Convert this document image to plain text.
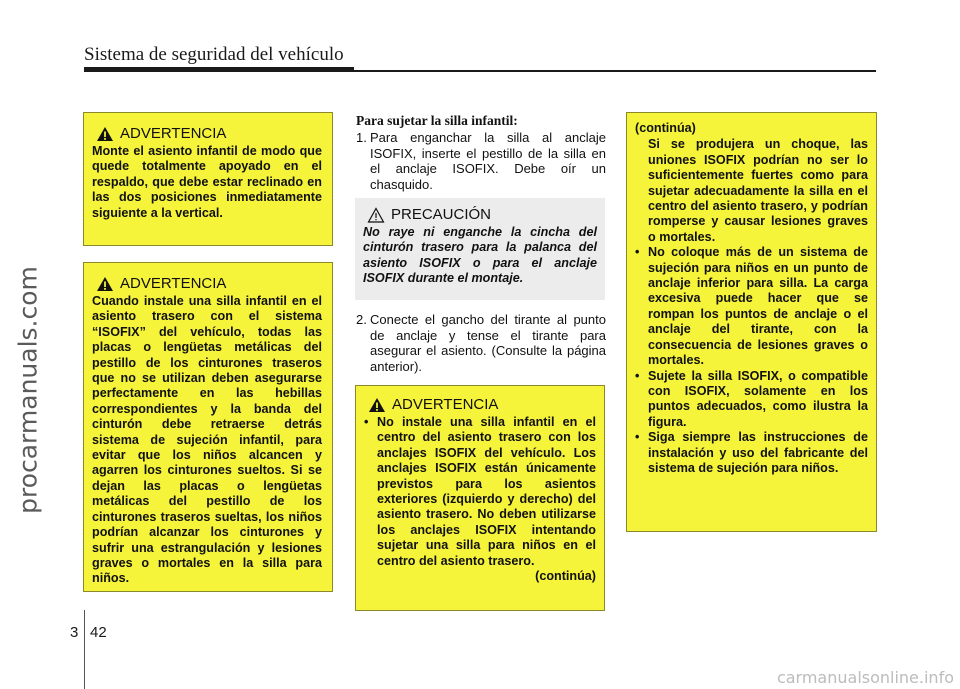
Sistema de seguridad del vehículo
procarmanuals.com
ADVERTENCIA
Monte el asiento infantil de modo que quede totalmente apoyado en el respaldo, que debe estar reclinado en las dos posiciones inmediatamente siguiente a la vertical.
ADVERTENCIA
Cuando instale una silla infantil en el asiento trasero con el sistema “ISOFIX” del vehículo, todas las placas o lengüetas metálicas del pestillo de los cinturones traseros que no se utilizan deben asegurarse perfectamente en las hebillas correspondientes y la banda del cinturón debe retraerse detrás sistema de sujeción infantil, para evitar que los niños alcancen y agarren los cinturones sueltos. Si se dejan las placas o lengüetas metálicas del pestillo de los cinturones traseros sueltas, los niños podrían alcanzar los cinturones y sufrir una estrangulación y lesiones graves o mortales en la silla para niños.
Para sujetar la silla infantil:
1. Para enganchar la silla al anclaje ISOFIX, inserte el pestillo de la silla en el anclaje ISOFIX. Debe oír un chasquido.
PRECAUCIÓN
No raye ni enganche la cincha del cinturón trasero para la palanca del asiento ISOFIX o para el anclaje ISOFIX durante el montaje.
2. Conecte el gancho del tirante al punto de anclaje y tense el tirante para asegurar el asiento. (Consulte la página anterior).
ADVERTENCIA
• No instale una silla infantil en el centro del asiento trasero con los anclajes ISOFIX del vehículo. Los anclajes ISOFIX están únicamente previstos para los asientos exteriores (izquierdo y derecho) del asiento trasero. No deben utilizarse los anclajes ISOFIX intentando sujetar una silla para niños en el centro del asiento trasero.
(continúa)
(continúa)
Si se produjera un choque, las uniones ISOFIX podrían no ser lo suficientemente fuertes como para sujetar adecuadamente la silla en el centro del asiento trasero, y podrían romperse y causar lesiones graves o mortales.
• No coloque más de un sistema de sujeción para niños en un punto de anclaje inferior para silla. La carga excesiva puede hacer que se rompan los puntos de anclaje o el anclaje del tirante, con la consecuencia de lesiones graves o mortales.
• Sujete la silla ISOFIX, o compatible con ISOFIX, solamente en los puntos adecuados, como ilustra la figura.
• Siga siempre las instrucciones de instalación y uso del fabricante del sistema de sujeción para niños.
3 42
carmanualsonline.info
